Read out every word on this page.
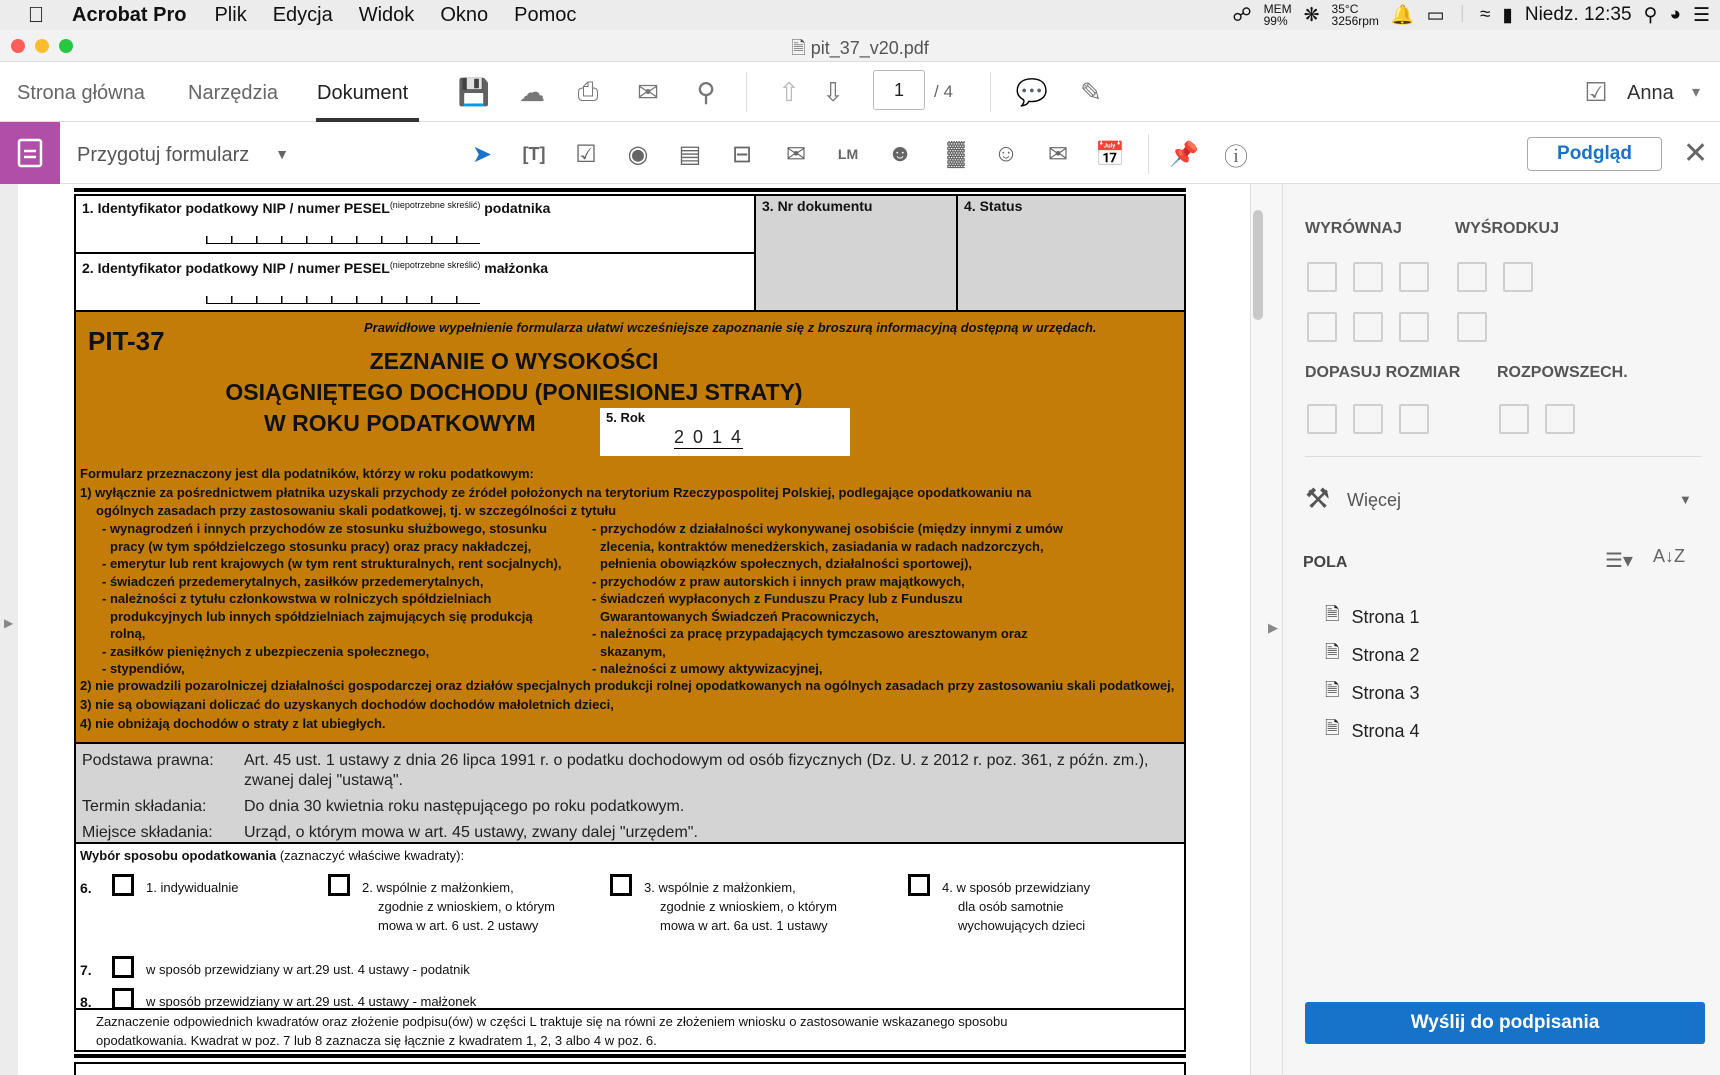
Acrobat Pro Plik Edycja Widok Okno Pomoc	☍ MEM
99% ❋ 35°C
3256rpm 🔔 ▭ ᛁ ≈ ▮ Niedz. 12:35 ⚲ ◕ ☰
🗎 pit_37_v20.pdf
Strona główna Narzędzia Dokument 💾 ☁	⎙	✉	⚲	⇧ ⇩	1	/ 4 💬	✎	☑ Anna	▾
Przygotuj formularz	▼	➤	[T]	☑	◉	▤	⊟	✉	LM	☻	▓	☺	✉	📅 📌 ⓘ	Podgląd	✕
▶
1. Identyfikator podatkowy NIP / numer $PESEL^{(niepotrzebne skreślić)}$ podatnika
2. Identyfikator podatkowy NIP / numer $PESEL^{(niepotrzebne skreślić)}$ małżonka
3. Nr dokumentu	4. Status
PIT-37	Prawidłowe wypełnienie formularza ułatwi wcześniejsze zapoznanie się z broszurą informacyjną dostępną w urzędach.
ZEZNANIE O WYSOKOŚCI
OSIĄGNIĘTEGO DOCHODU (PONIESIONEJ STRATY)
W ROKU PODATKOWYM	5. Rok
2 0 1 4
Formularz przeznaczony jest dla podatników, którzy w roku podatkowym:
1) wyłącznie za pośrednictwem płatnika uzyskali przychody ze źródeł położonych na terytorium Rzeczypospolitej Polskiej, podlegające opodatkowaniu na
ogólnych zasadach przy zastosowaniu skali podatkowej, tj. w szczególności z tytułu
- wynagrodzeń i innych przychodów ze stosunku służbowego, stosunku
pracy (w tym spółdzielczego stosunku pracy) oraz pracy nakładczej,
- emerytur lub rent krajowych (w tym rent strukturalnych, rent socjalnych),
- świadczeń przedemerytalnych, zasiłków przedemerytalnych,
- należności z tytułu członkowstwa w rolniczych spółdzielniach
produkcyjnych lub innych spółdzielniach zajmujących się produkcją
rolną,
- zasiłków pieniężnych z ubezpieczenia społecznego,
- stypendiów,
- przychodów z działalności wykonywanej osobiście (między innymi z umów
zlecenia, kontraktów menedżerskich, zasiadania w radach nadzorczych,
pełnienia obowiązków społecznych, działalności sportowej),
- przychodów z praw autorskich i innych praw majątkowych,
- świadczeń wypłaconych z Funduszu Pracy lub z Funduszu
Gwarantowanych Świadczeń Pracowniczych,
- należności za pracę przypadających tymczasowo aresztowanym oraz
skazanym,
- należności z umowy aktywizacyjnej,
2) nie prowadzili pozarolniczej działalności gospodarczej oraz działów specjalnych produkcji rolnej opodatkowanych na ogólnych zasadach przy zastosowaniu skali podatkowej,
3) nie są obowiązani doliczać do uzyskanych dochodów dochodów małoletnich dzieci,
4) nie obniżają dochodów o straty z lat ubiegłych.
Podstawa prawna: Art. 45 ust. 1 ustawy z dnia 26 lipca 1991 r. o podatku dochodowym od osób fizycznych (Dz. U. z 2012 r. poz. 361, z późn. zm.),
zwanej dalej "ustawą".
Termin składania: Do dnia 30 kwietnia roku następującego po roku podatkowym.
Miejsce składania: Urząd, o którym mowa w art. 45 ustawy, zwany dalej "urzędem".
Wybór sposobu opodatkowania (zaznaczyć właściwe kwadraty):
6.	1. indywidualnie	2. wspólnie z małżonkiem,
zgodnie z wnioskiem, o którym
mowa w art. 6 ust. 2 ustawy
3. wspólnie z małżonkiem,
zgodnie z wnioskiem, o którym
mowa w art. 6a ust. 1 ustawy
4. w sposób przewidziany
dla osób samotnie
wychowujących dzieci
7.	w sposób przewidziany w art.29 ust. 4 ustawy - podatnik
8.	w sposób przewidziany w art.29 ust. 4 ustawy - małżonek
Zaznaczenie odpowiednich kwadratów oraz złożenie podpisu(ów) w części L traktuje się na równi ze złożeniem wniosku o zastosowanie wskazanego sposobu
opodatkowania. Kwadrat w poz. 7 lub 8 zaznacza się łącznie z kwadratem 1, 2, 3 albo 4 w poz. 6.
▶
WYRÓWNAJ	WYŚRODKUJ
DOPASUJ ROZMIAR ROZPOWSZECH.
⚒ Więcej	▼
POLA	☰▾ A↓Z
🗎 Strona 1
🗎 Strona 2
🗎 Strona 3
🗎 Strona 4
Wyślij do podpisania
